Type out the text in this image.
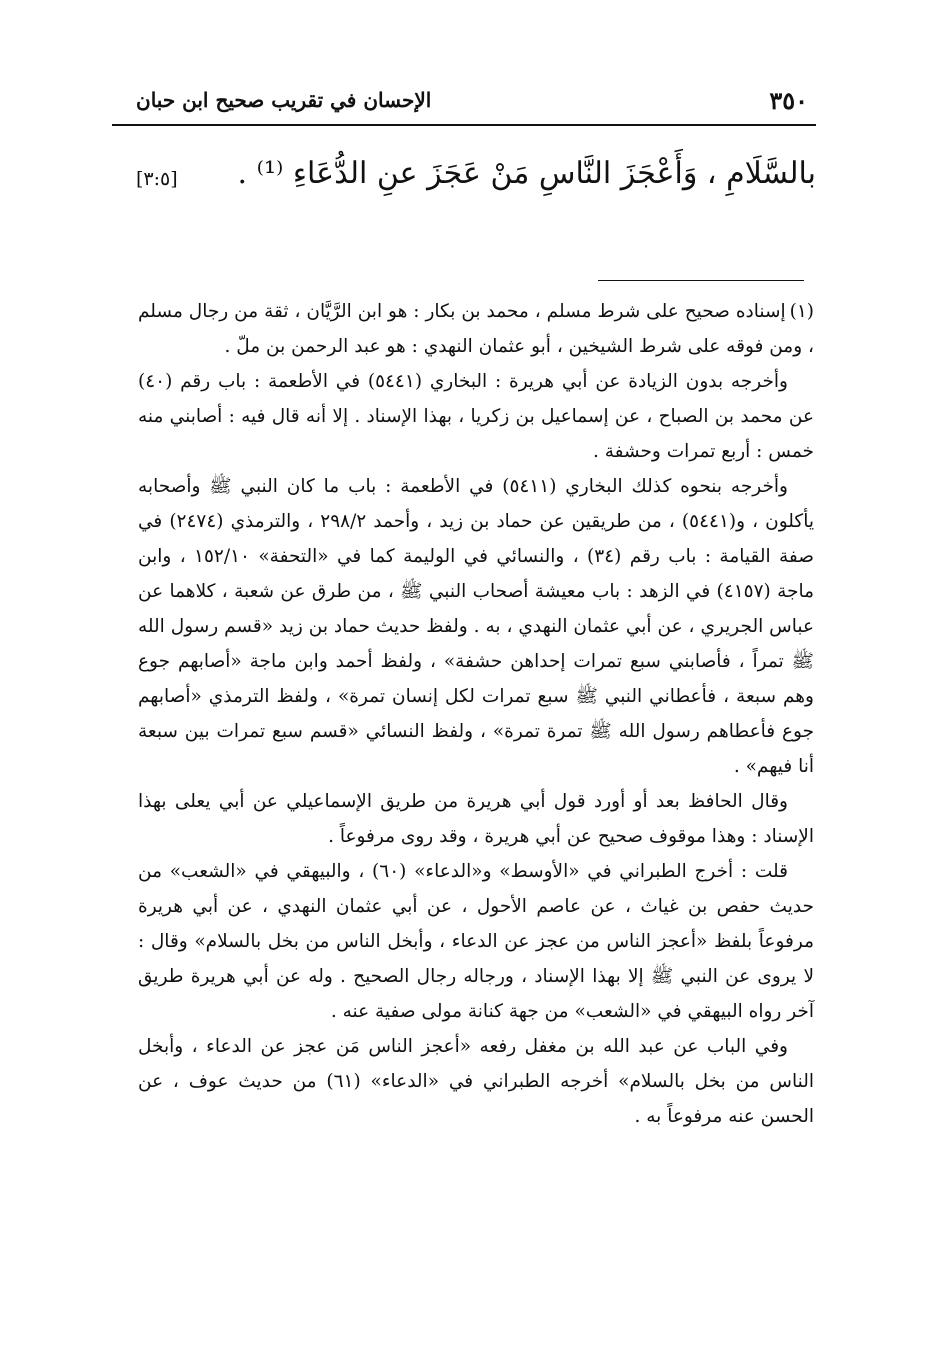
٣٥٠
الإحسان في تقريب صحيح ابن حبان
بالسَّلَامِ ، وَأَعْجَزَ النَّاسِ مَنْ عَجَزَ عنِ الدُّعَاءِ ⁽¹⁾ .
[٣:٥]

(١)إسناده صحيح على شرط مسلم ، محمد بن بكار : هو ابن الرَّيَّان ، ثقة من رجال مسلم ، ومن فوقه على شرط الشيخين ، أبو عثمان النهدي : هو عبد الرحمن بن ملّ .

وأخرجه بدون الزيادة عن أبي هريرة : البخاري (٥٤٤١) في الأطعمة : باب رقم (٤٠) عن محمد بن الصباح ، عن إسماعيل بن زكريا ، بهذا الإسناد . إلا أنه قال فيه : أصابني منه خمس : أربع تمرات وحشفة .

وأخرجه بنحوه كذلك البخاري (٥٤١١) في الأطعمة : باب ما كان النبي ﷺ وأصحابه يأكلون ، و(٥٤٤١) ، من طريقين عن حماد بن زيد ، وأحمد ٢٩٨/٢ ، والترمذي (٢٤٧٤) في صفة القيامة : باب رقم (٣٤) ، والنسائي في الوليمة كما في «التحفة» ١٥٢/١٠ ، وابن ماجة (٤١٥٧) في الزهد : باب معيشة أصحاب النبي ﷺ ، من طرق عن شعبة ، كلاهما عن عباس الجريري ، عن أبي عثمان النهدي ، به . ولفظ حديث حماد بن زيد «قسم رسول الله ﷺ تمراً ، فأصابني سبع تمرات إحداهن حشفة» ، ولفظ أحمد وابن ماجة «أصابهم جوع وهم سبعة ، فأعطاني النبي ﷺ سبع تمرات لكل إنسان تمرة» ، ولفظ الترمذي «أصابهم جوع فأعطاهم رسول الله ﷺ تمرة تمرة» ، ولفظ النسائي «قسم سبع تمرات بين سبعة أنا فيهم» .

وقال الحافظ بعد أو أورد قول أبي هريرة من طريق الإسماعيلي عن أبي يعلى بهذا الإسناد : وهذا موقوف صحيح عن أبي هريرة ، وقد روى مرفوعاً .

قلت : أخرج الطبراني في «الأوسط» و«الدعاء» (٦٠) ، والبيهقي في «الشعب» من حديث حفص بن غياث ، عن عاصم الأحول ، عن أبي عثمان النهدي ، عن أبي هريرة مرفوعاً بلفظ «أعجز الناس من عجز عن الدعاء ، وأبخل الناس من بخل بالسلام» وقال : لا يروى عن النبي ﷺ إلا بهذا الإسناد ، ورجاله رجال الصحيح . وله عن أبي هريرة طريق آخر رواه البيهقي في «الشعب» من جهة كنانة مولى صفية عنه .

وفي الباب عن عبد الله بن مغفل رفعه «أعجز الناس مَن عجز عن الدعاء ، وأبخل الناس من بخل بالسلام» أخرجه الطبراني في «الدعاء» (٦١) من حديث عوف ، عن الحسن عنه مرفوعاً به .
